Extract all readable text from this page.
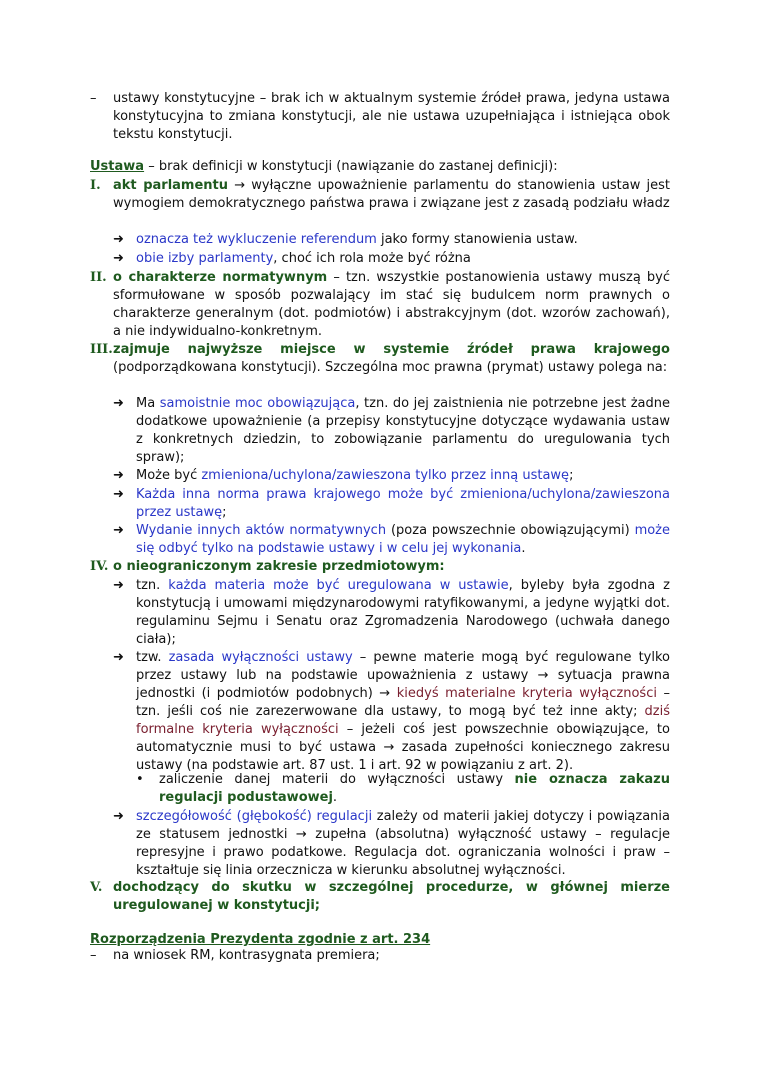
–	ustawy konstytucyjne – brak ich w aktualnym systemie źródeł prawa, jedyna ustawa konstytucyjna to zmiana konstytucji, ale nie ustawa uzupełniająca i istniejąca obok tekstu konstytucji.
Ustawa – brak definicji w konstytucji (nawiązanie do zastanej definicji):
I. akt parlamentu → wyłączne upoważnienie parlamentu do stanowienia ustaw jest wymogiem demokratycznego państwa prawa i związane jest z zasadą podziału władz
➜ oznacza też wykluczenie referendum jako formy stanowienia ustaw.
➜ obie izby parlamenty, choć ich rola może być różna
II. o charakterze normatywnym – tzn. wszystkie postanowienia ustawy muszą być sformułowane w sposób pozwalający im stać się budulcem norm prawnych o charakterze generalnym (dot. podmiotów) i abstrakcyjnym (dot. wzorów zachowań), a nie indywidualno-konkretnym.
III. zajmuje najwyższe miejsce w systemie źródeł prawa krajowego (podporządkowana konstytucji). Szczególna moc prawna (prymat) ustawy polega na:
➜ Ma samoistnie moc obowiązująca, tzn. do jej zaistnienia nie potrzebne jest żadne dodatkowe upoważnienie (a przepisy konstytucyjne dotyczące wydawania ustaw z konkretnych dziedzin, to zobowiązanie parlamentu do uregulowania tych spraw);
➜ Może być zmieniona/uchylona/zawieszona tylko przez inną ustawę;
➜ Każda inna norma prawa krajowego może być zmieniona/uchylona/zawieszona przez ustawę;
➜ Wydanie innych aktów normatywnych (poza powszechnie obowiązującymi) może się odbyć tylko na podstawie ustawy i w celu jej wykonania.
IV. o nieograniczonym zakresie przedmiotowym:
➜ tzn. każda materia może być uregulowana w ustawie, byleby była zgodna z konstytucją i umowami międzynarodowymi ratyfikowanymi, a jedyne wyjątki dot. regulaminu Sejmu i Senatu oraz Zgromadzenia Narodowego (uchwała danego ciała);
➜ tzw. zasada wyłączności ustawy – pewne materie mogą być regulowane tylko przez ustawy lub na podstawie upoważnienia z ustawy → sytuacja prawna jednostki (i podmiotów podobnych) → kiedyś materialne kryteria wyłączności – tzn. jeśli coś nie zarezerwowane dla ustawy, to mogą być też inne akty; dziś formalne kryteria wyłączności – jeżeli coś jest powszechnie obowiązujące, to automatycznie musi to być ustawa → zasada zupełności koniecznego zakresu ustawy (na podstawie art. 87 ust. 1 i art. 92 w powiązaniu z art. 2).
•	zaliczenie danej materii do wyłączności ustawy nie oznacza zakazu regulacji podustawowej.
➜ szczegółowość (głębokość) regulacji zależy od materii jakiej dotyczy i powiązania ze statusem jednostki → zupełna (absolutna) wyłączność ustawy – regulacje represyjne i prawo podatkowe. Regulacja dot. ograniczania wolności i praw – kształtuje się linia orzecznicza w kierunku absolutnej wyłączności.
V. dochodzący do skutku w szczególnej procedurze, w głównej mierze uregulowanej w konstytucji;
Rozporządzenia Prezydenta zgodnie z art. 234
–	na wniosek RM, kontrasygnata premiera;
